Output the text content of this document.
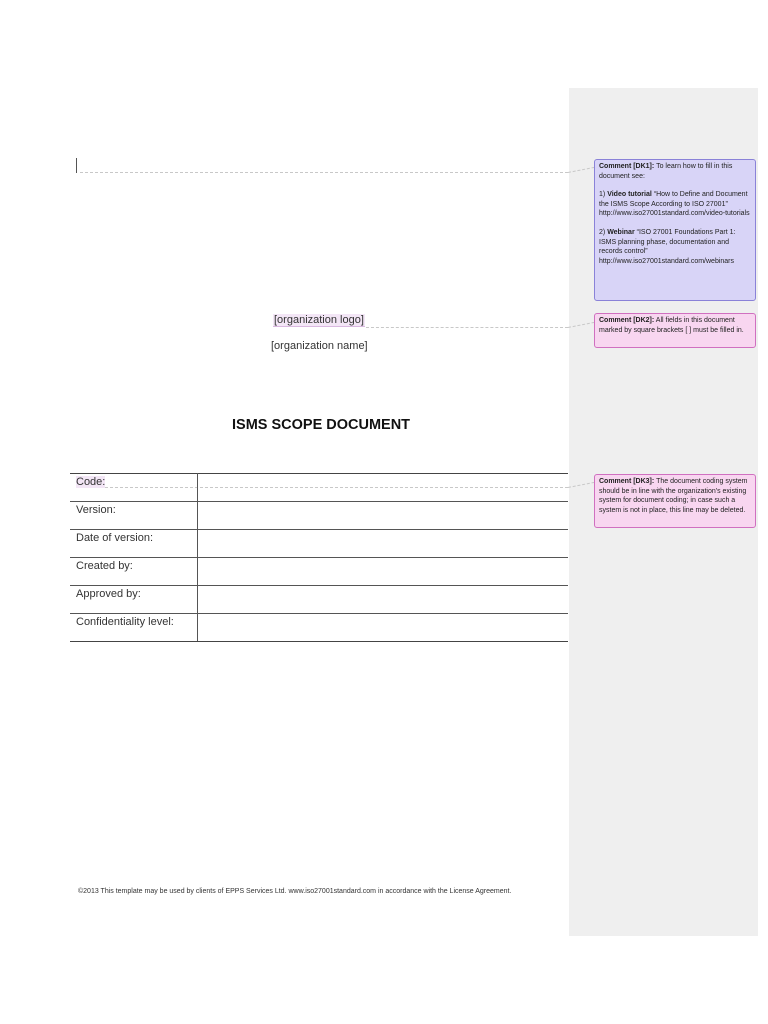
Comment [DK1]: To learn how to fill in this document see:

1) Video tutorial “How to Define and Document the ISMS Scope According to ISO 27001” http://www.iso27001standard.com/video-tutorials

2) Webinar “ISO 27001 Foundations Part 1: ISMS planning phase, documentation and records control” http://www.iso27001standard.com/webinars

Comment [DK2]: All fields in this document marked by square brackets [ ] must be filled in.

Comment [DK3]: The document coding system should be in line with the organization's existing system for document coding; in case such a system is not in place, this line may be deleted.

[organization logo]
[organization name]
ISMS SCOPE DOCUMENT
Code:	
Version:	
Date of version:	
Created by:	
Approved by:	
Confidentiality level:	
©2013 This template may be used by clients of EPPS Services Ltd. www.iso27001standard.com in accordance with the License Agreement.
